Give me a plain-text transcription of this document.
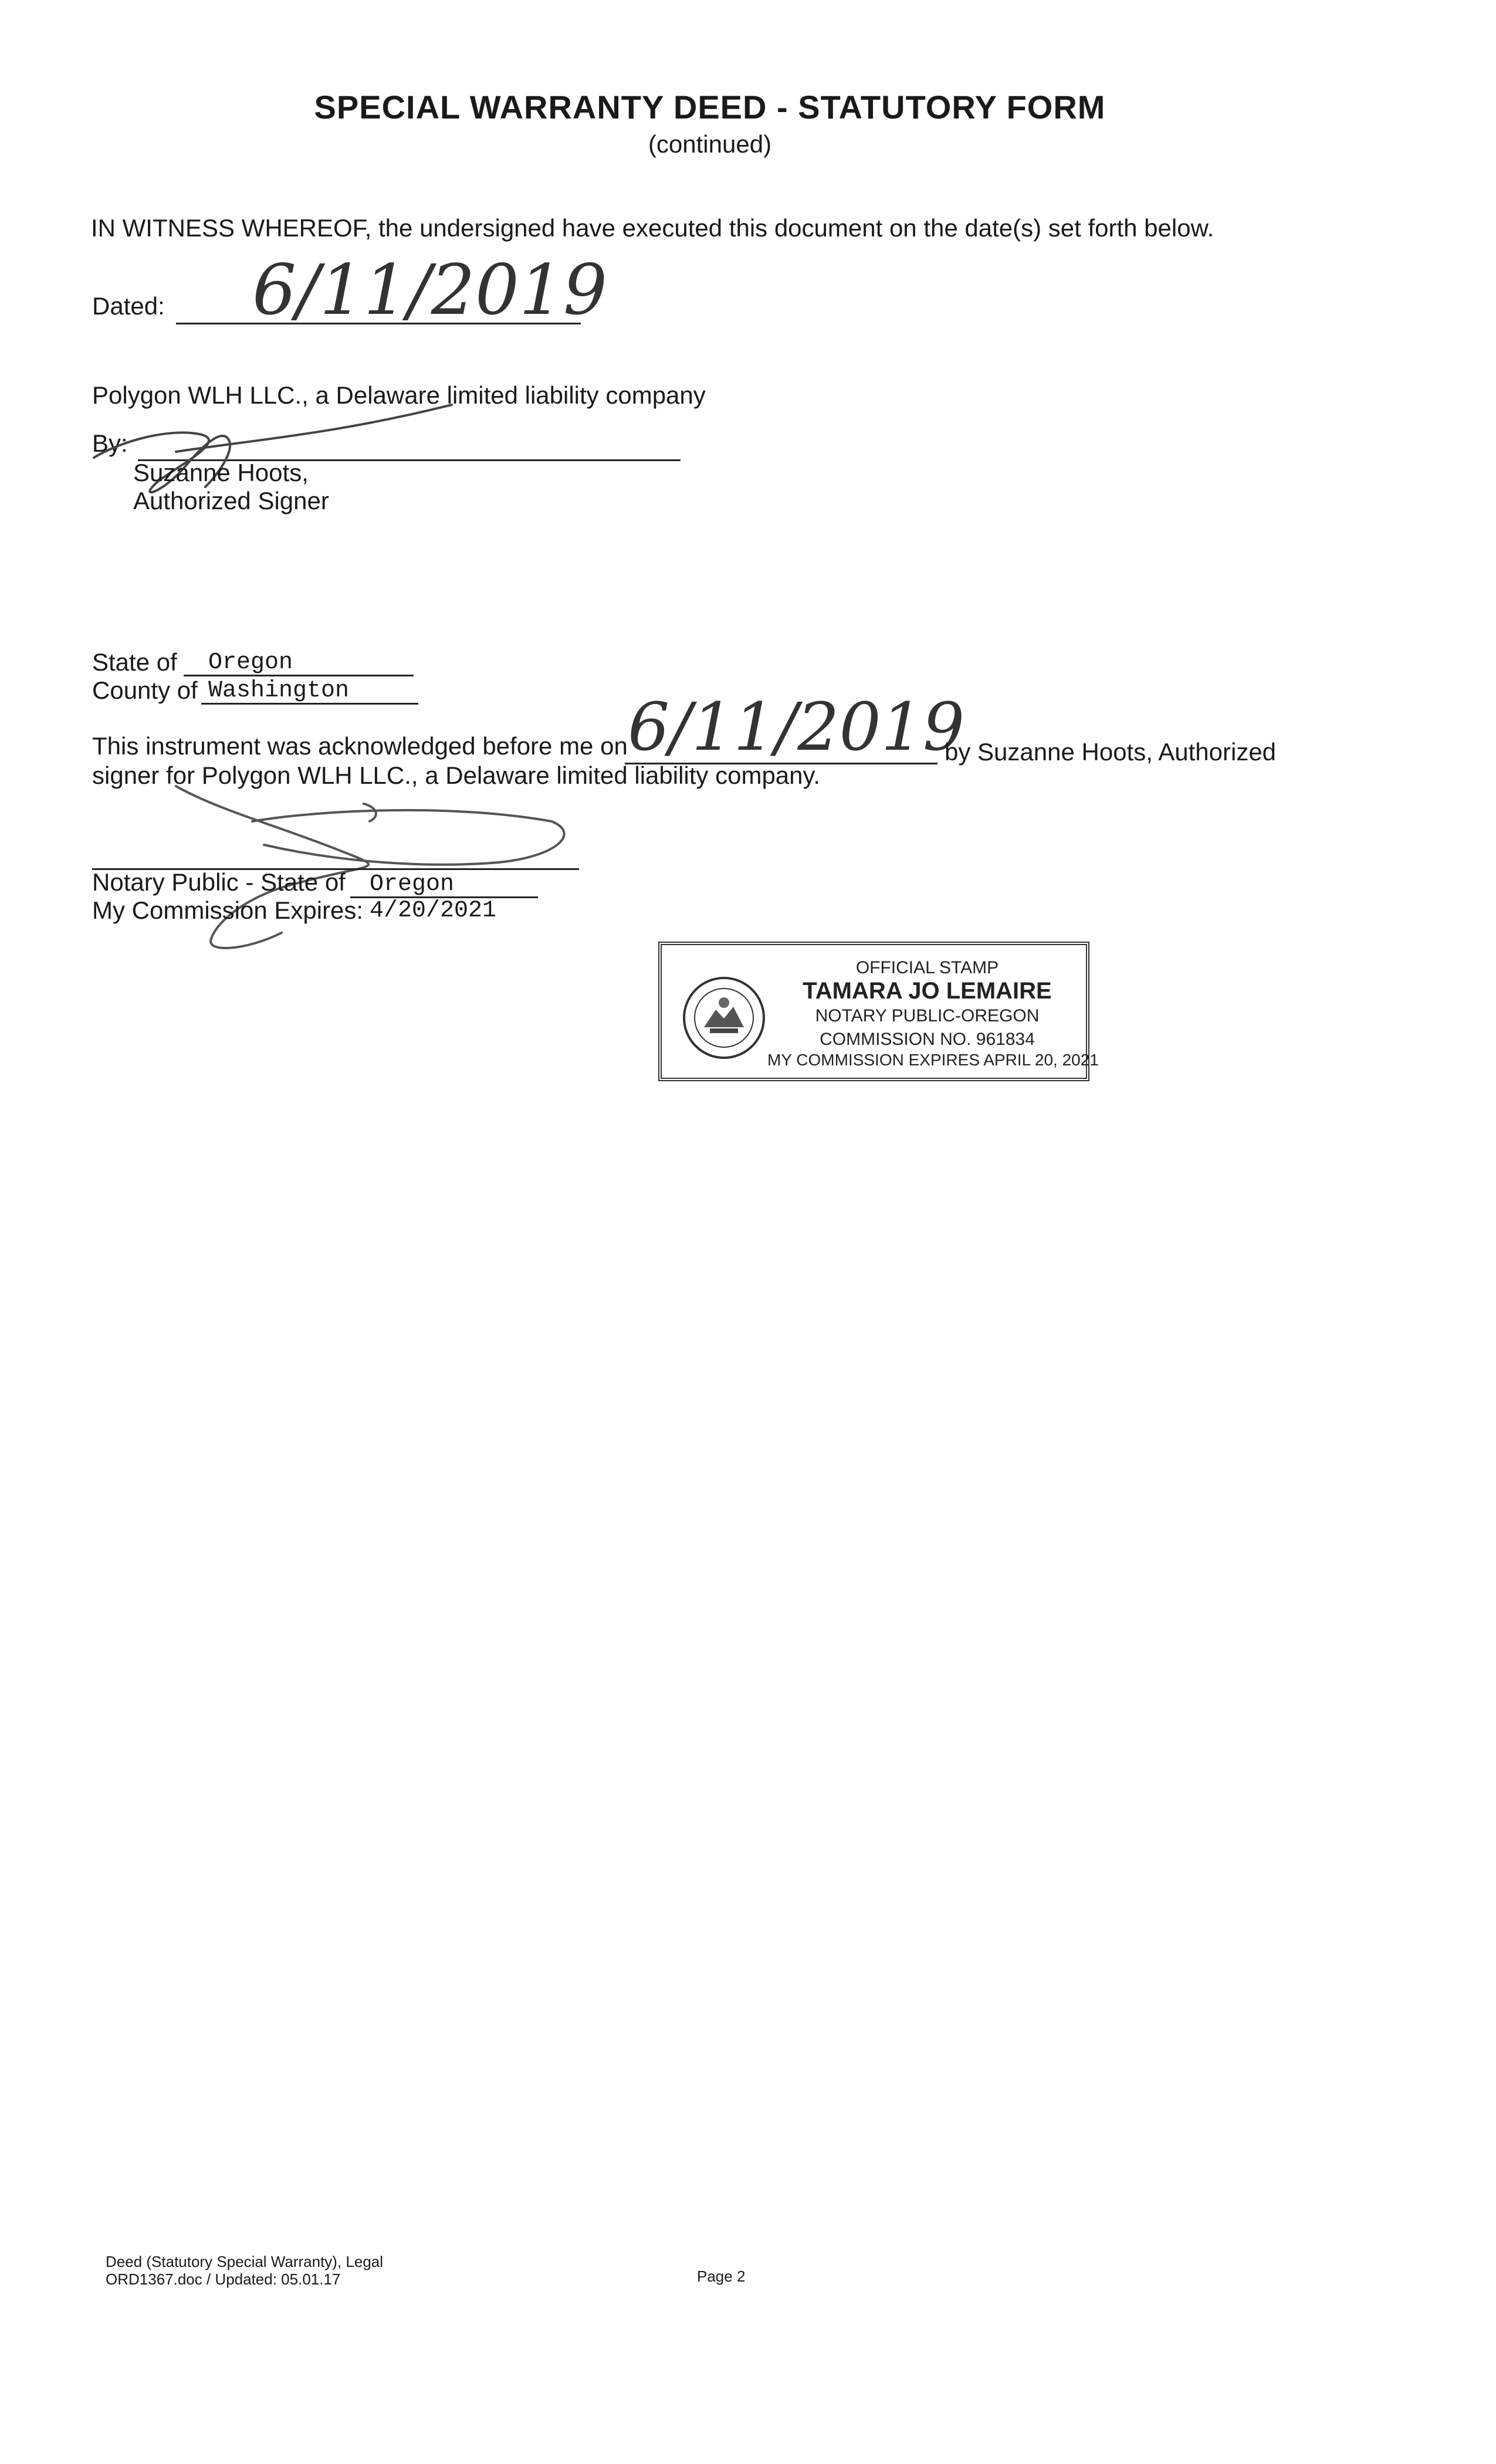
SPECIAL WARRANTY DEED - STATUTORY FORM
(continued)
IN WITNESS WHEREOF, the undersigned have executed this document on the date(s) set forth below.
Dated: 6/11/2019
Polygon WLH LLC., a Delaware limited liability company
By:
Suzanne Hoots,
Authorized Signer
State of Oregon
County of Washington
This instrument was acknowledged before me on 6/11/2019
by Suzanne Hoots, Authorized
signer for Polygon WLH LLC., a Delaware limited liability company.
Notary Public - State of Oregon
My Commission Expires: 4/20/2021
OFFICIAL STAMP
TAMARA JO LEMAIRE
NOTARY PUBLIC-OREGON
COMMISSION NO. 961834
MY COMMISSION EXPIRES APRIL 20, 2021
Deed (Statutory Special Warranty), Legal
ORD1367.doc / Updated: 05.01.17	Page 2
